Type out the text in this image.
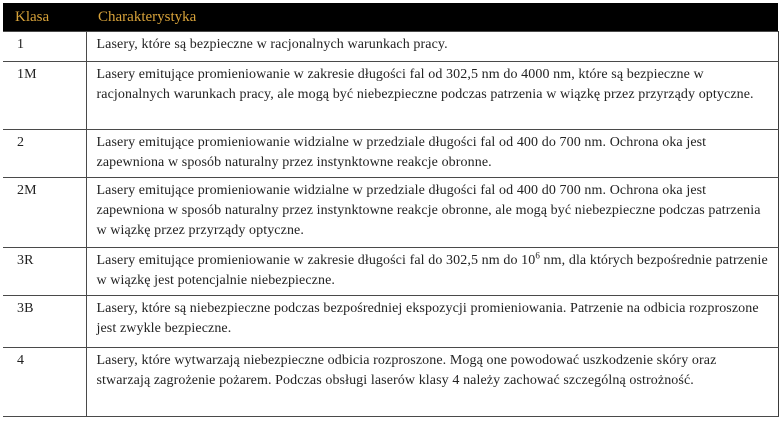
Klasa	Charakterystyka
1	Lasery, które są bezpieczne w racjonalnych warunkach pracy.
1M	Lasery emitujące promieniowanie w zakresie długości fal od 302,5 nm do 4000 nm, które są bezpieczne w racjonalnych warunkach pracy, ale mogą być niebezpieczne podczas patrzenia w wiązkę przez przyrządy optyczne.
2	Lasery emitujące promieniowanie widzialne w przedziale długości fal od 400 do 700 nm. Ochrona oka jest zapewniona w sposób naturalny przez instynktowne reakcje obronne.
2M	Lasery emitujące promieniowanie widzialne w przedziale długości fal od 400 d0 700 nm. Ochrona oka jest zapewniona w sposób naturalny przez instynktowne reakcje obronne, ale mogą być niebezpieczne podczas patrzenia w wiązkę przez przyrządy optyczne.
3R	Lasery emitujące promieniowanie w zakresie długości fal do 302,5 nm do $10^6$ nm, dla których bezpośrednie patrzenie w wiązkę jest potencjalnie niebezpieczne.
3B	Lasery, które są niebezpieczne podczas bezpośredniej ekspozycji promieniowania. Patrzenie na odbicia rozproszone jest zwykle bezpieczne.
4	Lasery, które wytwarzają niebezpieczne odbicia rozproszone. Mogą one powodować uszkodzenie skóry oraz stwarzają zagrożenie pożarem. Podczas obsługi laserów klasy 4 należy zachować szczególną ostrożność.
